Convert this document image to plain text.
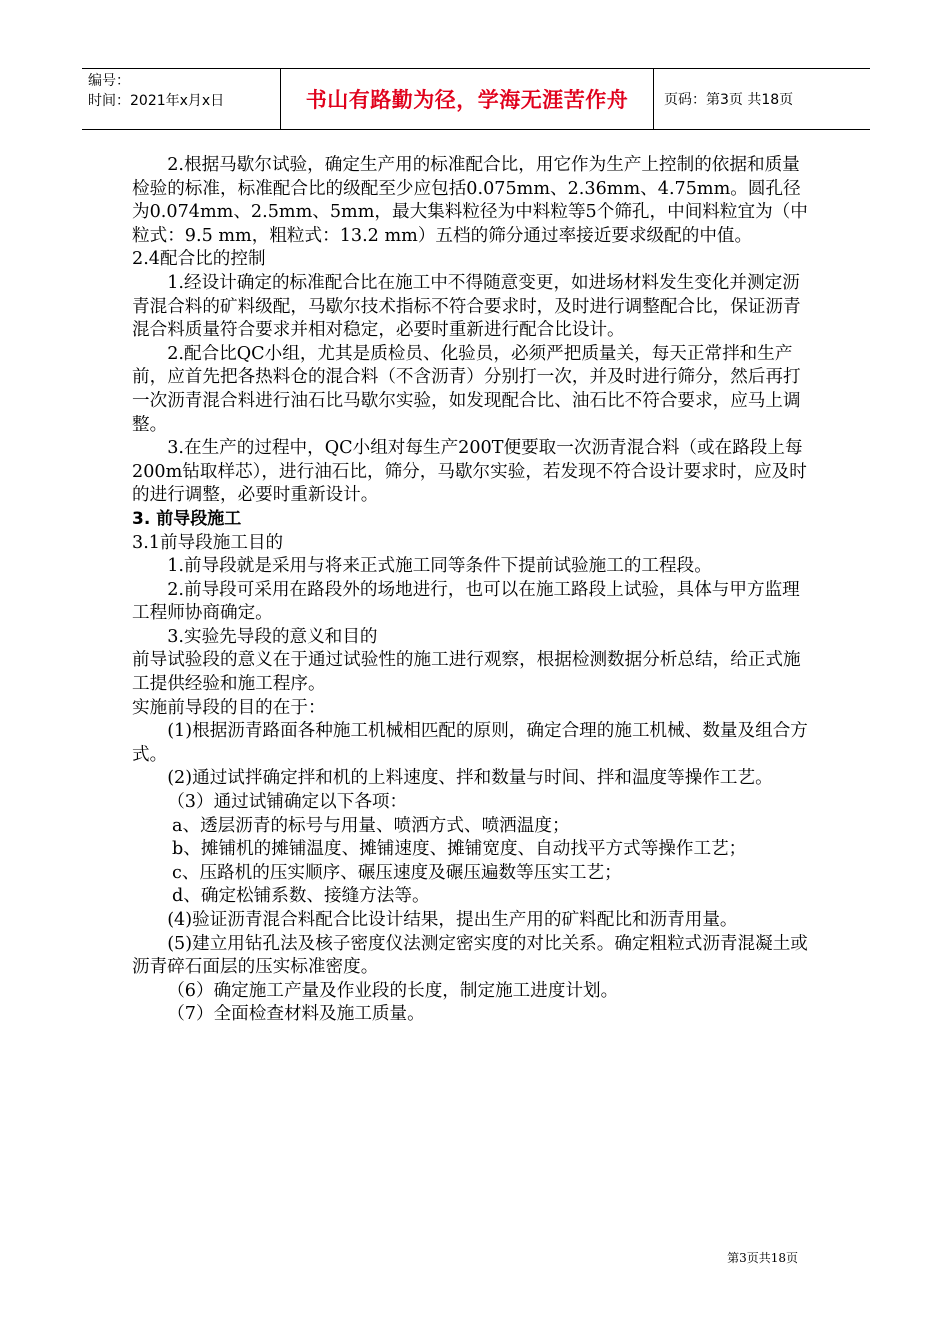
编号：
时间：2021年x月x日	书山有路勤为径，学海无涯苦作舟	页码：第3页 共18页

2.根据马歇尔试验，确定生产用的标准配合比，用它作为生产上控制的依据和质量检验的标准，标准配合比的级配至少应包括0.075mm、2.36mm、4.75mm。圆孔径为0.074mm、2.5mm、5mm，最大集料粒径为中料粒等5个筛孔，中间料粒宜为（中粒式：9.5 mm，粗粒式：13.2 mm）五档的筛分通过率接近要求级配的中值。

2.4配合比的控制

1.经设计确定的标准配合比在施工中不得随意变更，如进场材料发生变化并测定沥青混合料的矿料级配，马歇尔技术指标不符合要求时，及时进行调整配合比，保证沥青混合料质量符合要求并相对稳定，必要时重新进行配合比设计。

2.配合比QC小组，尤其是质检员、化验员，必须严把质量关，每天正常拌和生产前，应首先把各热料仓的混合料（不含沥青）分别打一次，并及时进行筛分，然后再打一次沥青混合料进行油石比马歇尔实验，如发现配合比、油石比不符合要求，应马上调整。

3.在生产的过程中，QC小组对每生产200T便要取一次沥青混合料（或在路段上每200m钻取样芯），进行油石比，筛分，马歇尔实验，若发现不符合设计要求时，应及时的进行调整，必要时重新设计。

3. 前导段施工

3.1前导段施工目的

1.前导段就是采用与将来正式施工同等条件下提前试验施工的工程段。

2.前导段可采用在路段外的场地进行，也可以在施工路段上试验，具体与甲方监理工程师协商确定。

3.实验先导段的意义和目的

前导试验段的意义在于通过试验性的施工进行观察，根据检测数据分析总结，给正式施工提供经验和施工程序。

实施前导段的目的在于：

(1)根据沥青路面各种施工机械相匹配的原则，确定合理的施工机械、数量及组合方式。

(2)通过试拌确定拌和机的上料速度、拌和数量与时间、拌和温度等操作工艺。

（3）通过试铺确定以下各项：

a、透层沥青的标号与用量、喷洒方式、喷洒温度；

b、摊铺机的摊铺温度、摊铺速度、摊铺宽度、自动找平方式等操作工艺；

c、压路机的压实顺序、碾压速度及碾压遍数等压实工艺；

d、确定松铺系数、接缝方法等。

(4)验证沥青混合料配合比设计结果，提出生产用的矿料配比和沥青用量。

(5)建立用钻孔法及核子密度仪法测定密实度的对比关系。确定粗粒式沥青混凝土或沥青碎石面层的压实标准密度。

（6）确定施工产量及作业段的长度，制定施工进度计划。

（7）全面检查材料及施工质量。

第3页共18页
